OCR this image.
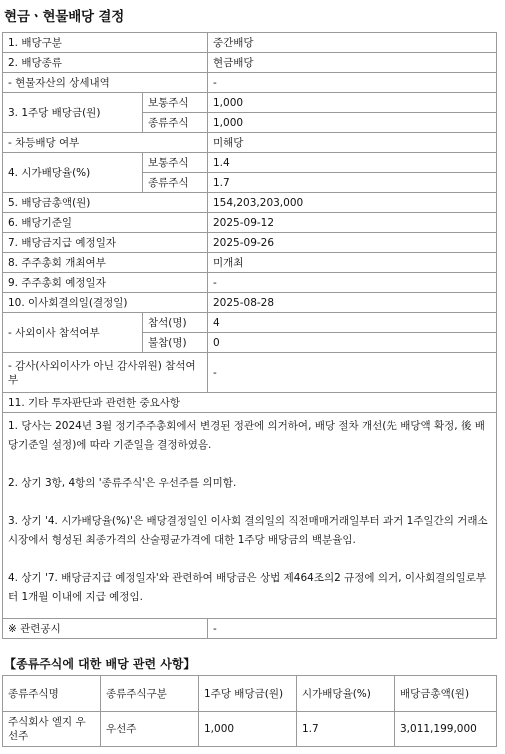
현금ㆍ현물배당 결정
1. 배당구분		중간배당
2. 배당종류		현금배당
- 현물자산의 상세내역		-
3. 1주당 배당금(원)	보통주식	1,000
	종류주식	1,000
- 차등배당 여부		미해당
4. 시가배당율(%)	보통주식	1.4
	종류주식	1.7
5. 배당금총액(원)		154,203,203,000
6. 배당기준일		2025-09-12
7. 배당금지급 예정일자		2025-09-26
8. 주주총회 개최여부		미개최
9. 주주총회 예정일자		-
10. 이사회결의일(결정일)		2025-08-28
- 사외이사 참석여부	참석(명)	4
	불참(명)	0
- 감사(사외이사가 아닌 감사위원) 참석여부		-
11. 기타 투자판단과 관련한 중요사항		

1. 당사는 2024년 3월 정기주주총회에서 변경된 정관에 의거하여, 배당 절차 개선(先 배당액 확정, 後 배당기준일 설정)에 따라 기준일을 결정하였음.

2. 상기 3항, 4항의 '종류주식'은 우선주를 의미함.

3. 상기 '4. 시가배당율(%)'은 배당결정일인 이사회 결의일의 직전매매거래일부터 과거 1주일간의 거래소시장에서 형성된 최종가격의 산술평균가격에 대한 1주당 배당금의 백분율임.

4. 상기 '7. 배당금지급 예정일자'와 관련하여 배당금은 상법 제464조의2 규정에 의거, 이사회결의일로부터 1개월 이내에 지급 예정임.		

※ 관련공시		-
【종류주식에 대한 배당 관련 사항】
종류주식명	종류주식구분	1주당 배당금(원)	시가배당율(%)	배당금총액(원)
주식회사 엘지 우선주	우선주	1,000	1.7	3,011,199,000
